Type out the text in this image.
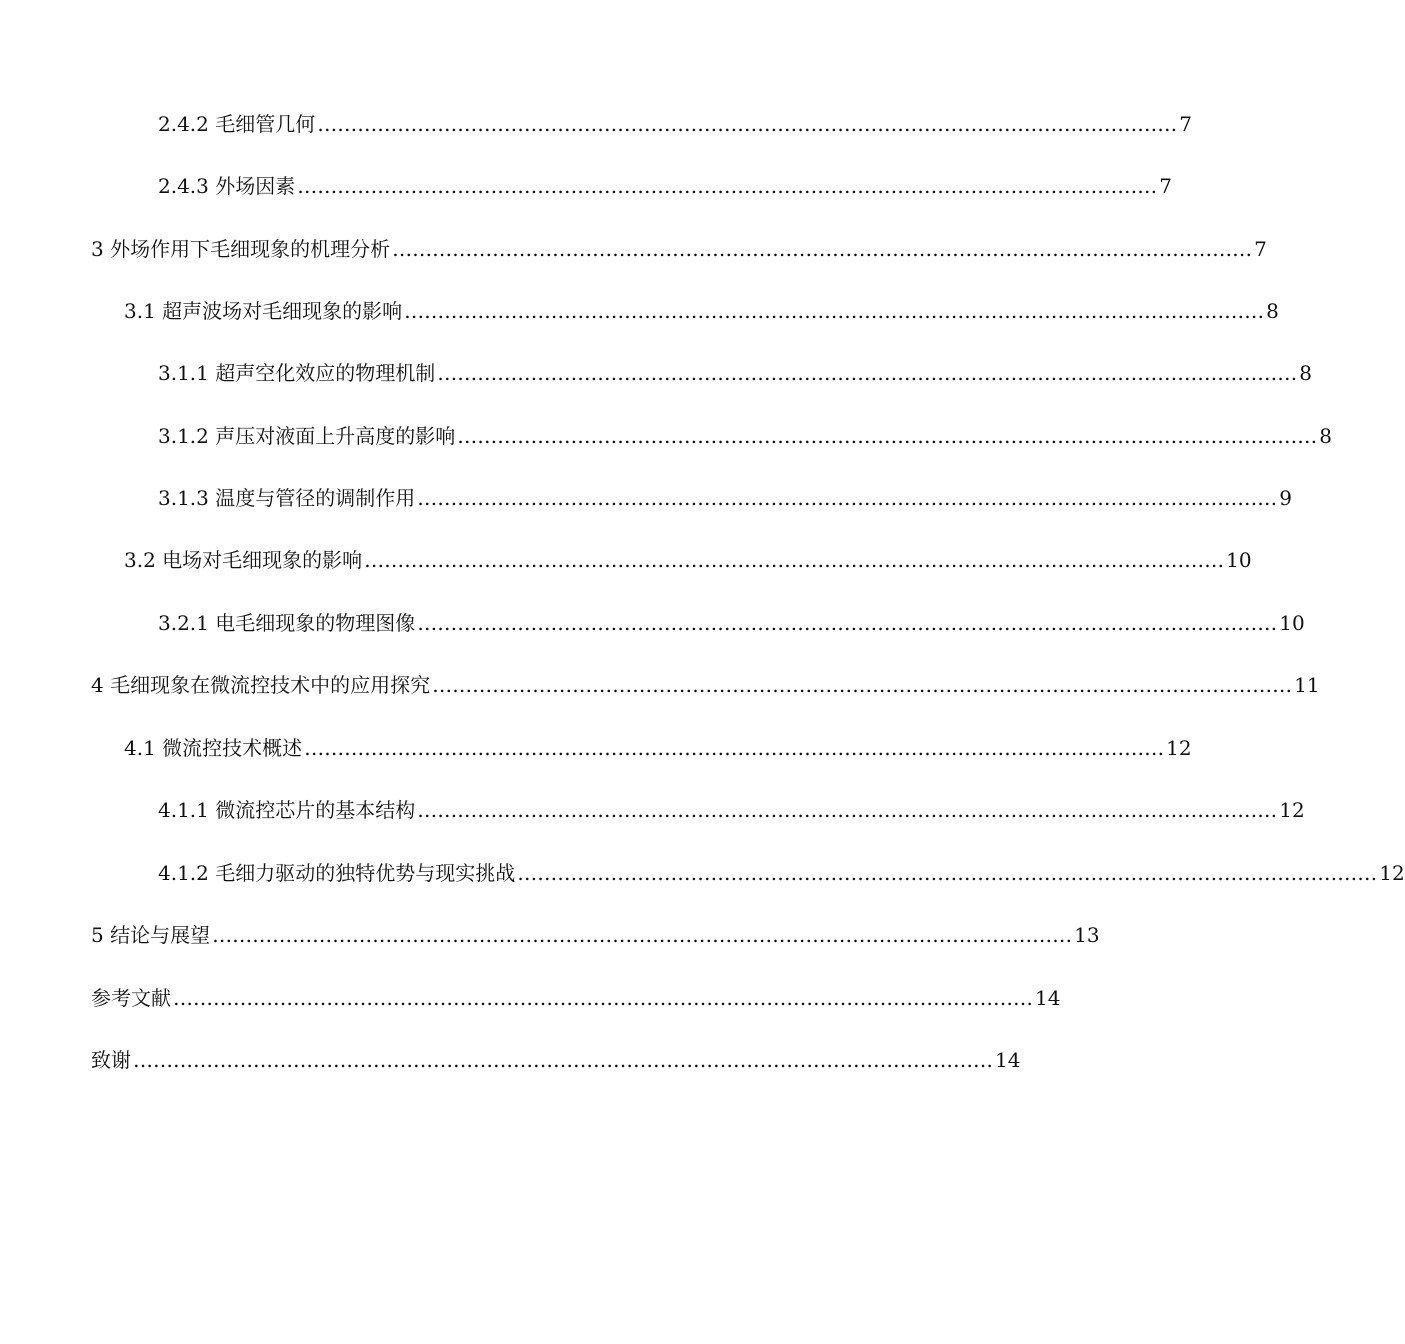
2.4.2 毛细管几何 ………………………………………………………………………………………………………………… 7
2.4.3 外场因素 ………………………………………………………………………………………………………………… 7
3 外场作用下毛细现象的机理分析 ………………………………………………………………………………………………………………… 7
3.1 超声波场对毛细现象的影响 ………………………………………………………………………………………………………………… 8
3.1.1 超声空化效应的物理机制 ………………………………………………………………………………………………………………… 8
3.1.2 声压对液面上升高度的影响 ………………………………………………………………………………………………………………… 8
3.1.3 温度与管径的调制作用 ………………………………………………………………………………………………………………… 9
3.2 电场对毛细现象的影响 ………………………………………………………………………………………………………………… 10
3.2.1 电毛细现象的物理图像 ………………………………………………………………………………………………………………… 10
4 毛细现象在微流控技术中的应用探究 ………………………………………………………………………………………………………………… 11
4.1 微流控技术概述 ………………………………………………………………………………………………………………… 12
4.1.1 微流控芯片的基本结构 ………………………………………………………………………………………………………………… 12
4.1.2 毛细力驱动的独特优势与现实挑战 ………………………………………………………………………………………………………………… 12
5 结论与展望 ………………………………………………………………………………………………………………… 13
参考文献 ………………………………………………………………………………………………………………… 14
致谢 ………………………………………………………………………………………………………………… 14
